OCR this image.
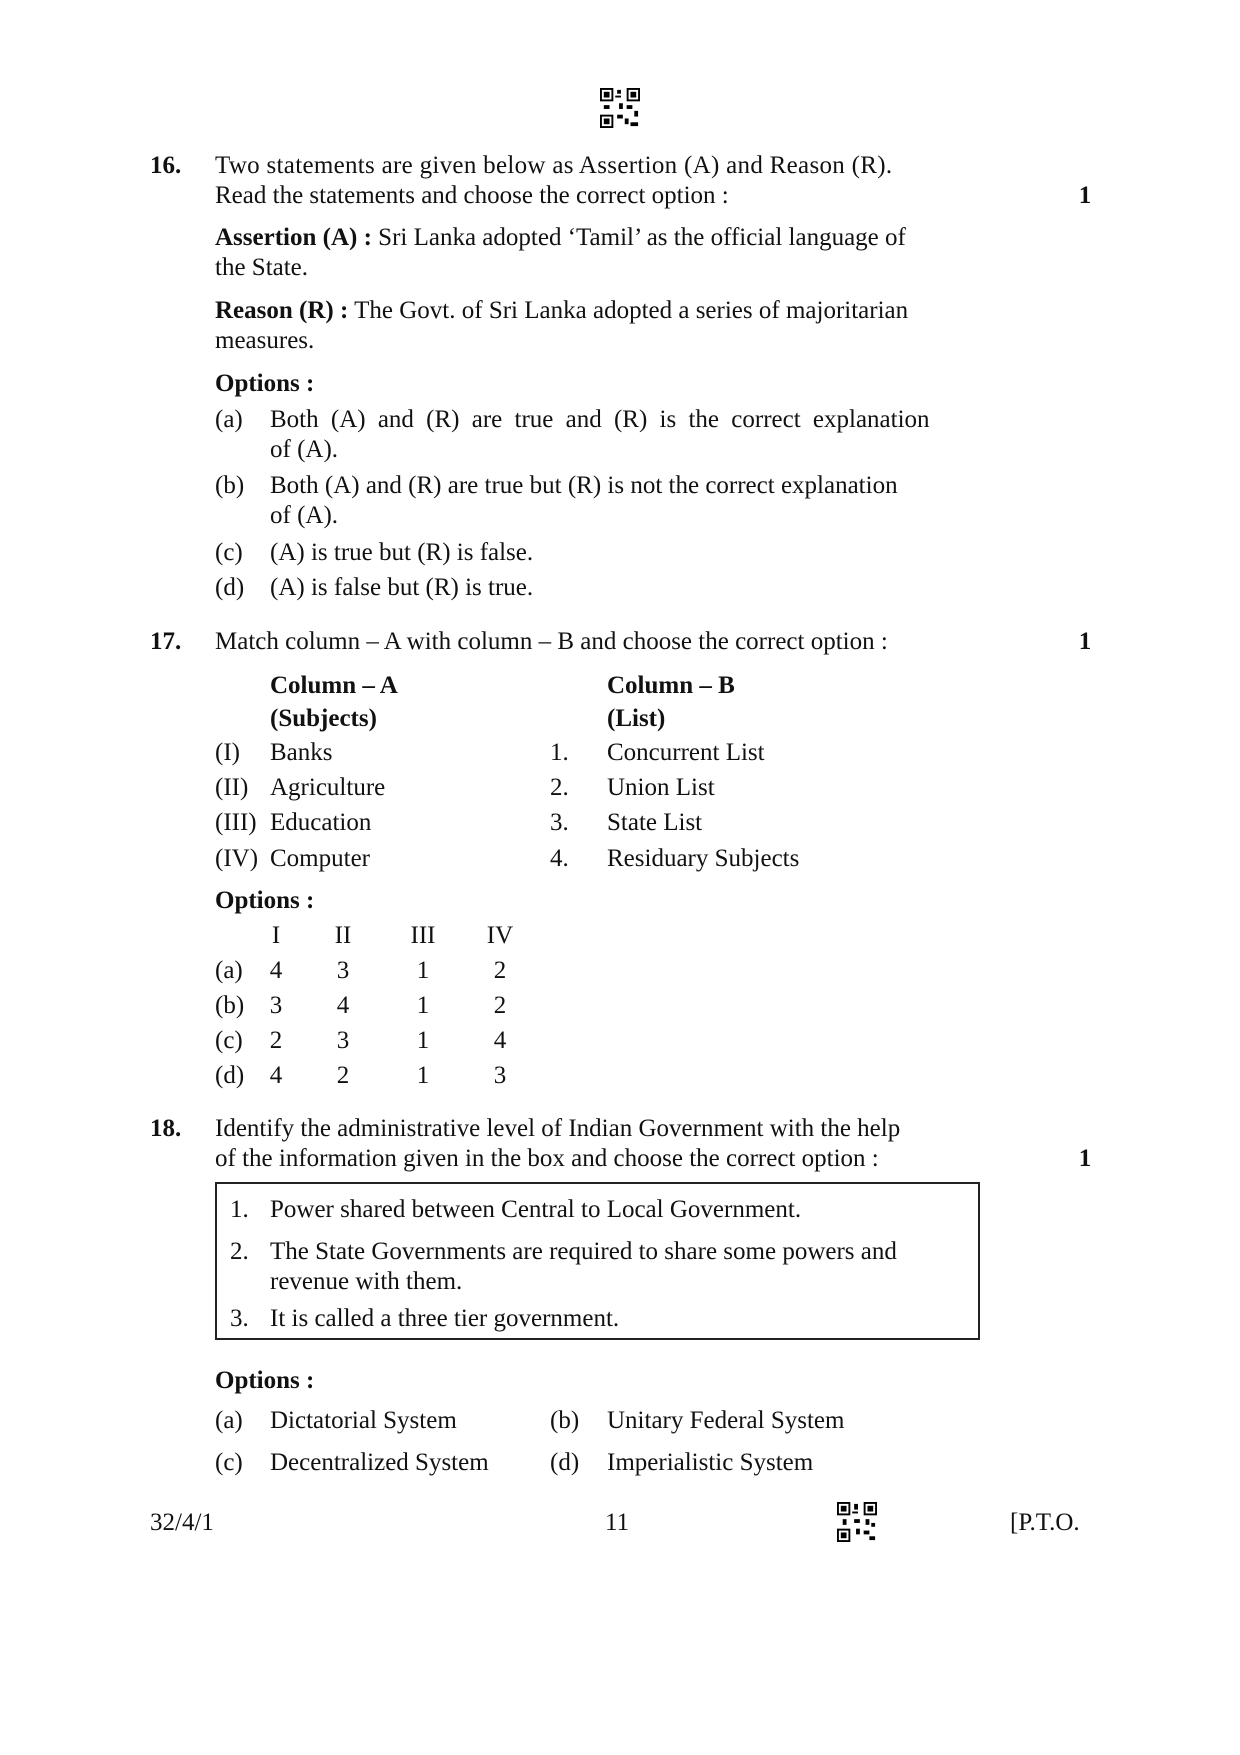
16. Two statements are given below as Assertion (A) and Reason (R).
Read the statements and choose the correct option :	1
Assertion (A) : Sri Lanka adopted ‘Tamil’ as the official language of
the State.
Reason (R) : The Govt. of Sri Lanka adopted a series of majoritarian
measures.
Options :
(a) Both (A) and (R) are true and (R) is the correct explanation
of (A).
(b) Both (A) and (R) are true but (R) is not the correct explanation
of (A).
(c) (A) is true but (R) is false.
(d) (A) is false but (R) is true.
17. Match column – A with column – B and choose the correct option :	1
Column – A
(Subjects)
Column – B
(List)
(I) Banks	1. Concurrent List
(II) Agriculture	2. Union List
(III) Education	3. State List
(IV) Computer	4. Residuary Subjects
Options :
I	II	III	IV
(a)	4	3	1	2
(b)	3	4	1	2
(c)	2	3	1	4
(d)	4	2	1	3
18. Identify the administrative level of Indian Government with the help
of the information given in the box and choose the correct option :	1
1. Power shared between Central to Local Government.
2. The State Governments are required to share some powers and
revenue with them.
3. It is called a three tier government.
Options :
(a) Dictatorial System	(b) Unitary Federal System
(c) Decentralized System (d) Imperialistic System
32/4/1	11	[P.T.O.
